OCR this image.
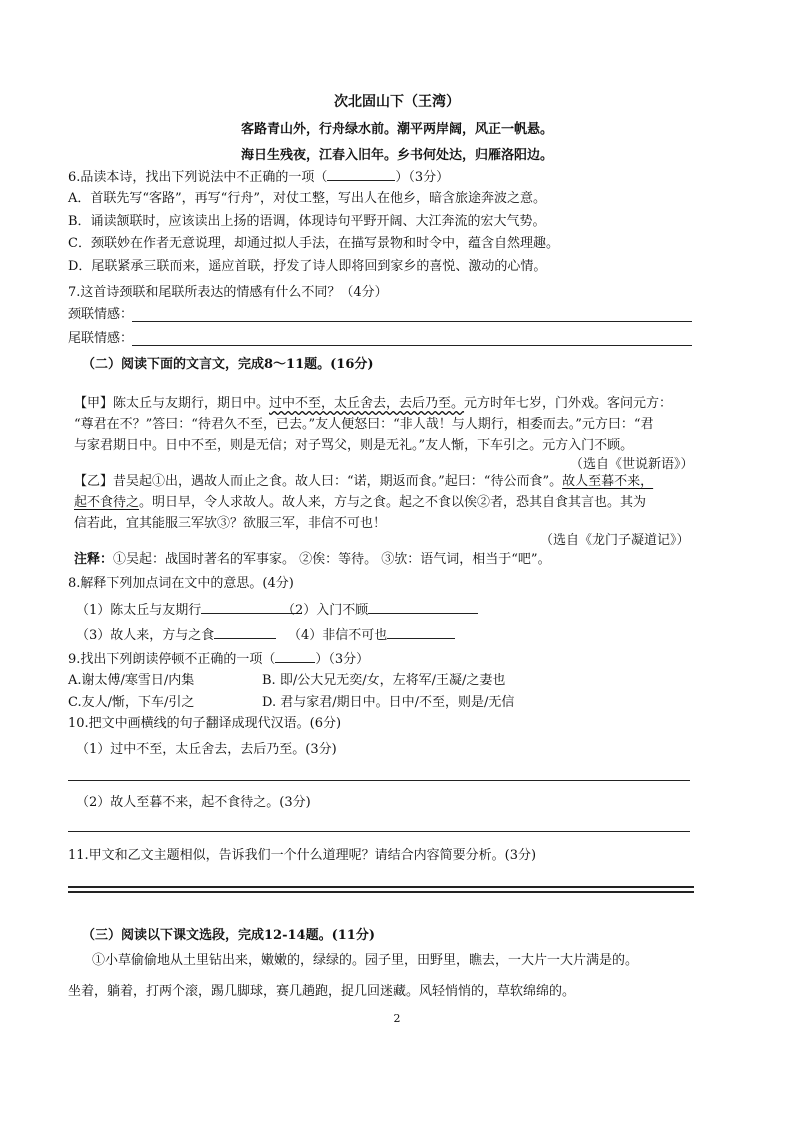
次北固山下（王湾）
客路青山外，行舟绿水前。潮平两岸阔，风正一帆悬。
海日生残夜，江春入旧年。乡书何处达，归雁洛阳边。
6.品读本诗，找出下列说法中不正确的一项（	）（3分）
A．首联先写“客路”，再写“行舟”，对仗工整，写出人在他乡，暗含旅途奔波之意。
B．诵读颔联时，应该读出上扬的语调，体现诗句平野开阔、大江奔流的宏大气势。
C．颈联妙在作者无意说理，却通过拟人手法，在描写景物和时令中，蕴含自然理趣。
D．尾联紧承三联而来，遥应首联，抒发了诗人即将回到家乡的喜悦、激动的心情。
7.这首诗颈联和尾联所表达的情感有什么不同？（4分）
颈联情感：
尾联情感：
（二）阅读下面的文言文，完成8～11题。(16分)
【甲】陈太丘与友期行，期日中。过中不至，太丘舍去，去后乃至。元方时年七岁，门外戏。客问元方：
“尊君在不？”答曰：“待君久不至，已去。”友人便怒曰：“非人哉！与人期行，相委而去。”元方曰：“君
与家君期日中。日中不至，则是无信；对子骂父，则是无礼。”友人惭，下车引之。元方入门不顾。
（选自《世说新语》）
【乙】昔吴起①出，遇故人而止之食。故人曰：“诺，期返而食。”起曰：“待公而食”。故人至暮不来，
起不食待之。明日早，令人求故人。故人来，方与之食。起之不食以俟②者，恐其自食其言也。其为
信若此，宜其能服三军欤③？欲服三军，非信不可也！
（选自《龙门子凝道记》）
注释：①吴起：战国时著名的军事家。 ②俟：等待。 ③欤：语气词，相当于“吧”。
8.解释下列加点词在文中的意思。(4分)
（1）陈太丘与友期行	（2）入门不顾
（3）故人来，方与之食	（4）非信不可也
9.找出下列朗读停顿不正确的一项（	）（3分）
A.谢太傅/寒雪日/内集	B. 即/公大兄无奕/女，左将军/王凝/之妻也
C.友人/惭，下车/引之	D. 君与家君/期日中。日中/不至，则是/无信
10.把文中画横线的句子翻译成现代汉语。(6分)
（1）过中不至，太丘舍去，去后乃至。(3分)
（2）故人至暮不来，起不食待之。(3分)
11.甲文和乙文主题相似，告诉我们一个什么道理呢？请结合内容简要分析。(3分)
（三）阅读以下课文选段，完成12-14题。(11分)
①小草偷偷地从土里钻出来，嫩嫩的，绿绿的。园子里，田野里，瞧去，一大片一大片满是的。
坐着，躺着，打两个滚，踢几脚球，赛几趟跑，捉几回迷藏。风轻悄悄的，草软绵绵的。
2
